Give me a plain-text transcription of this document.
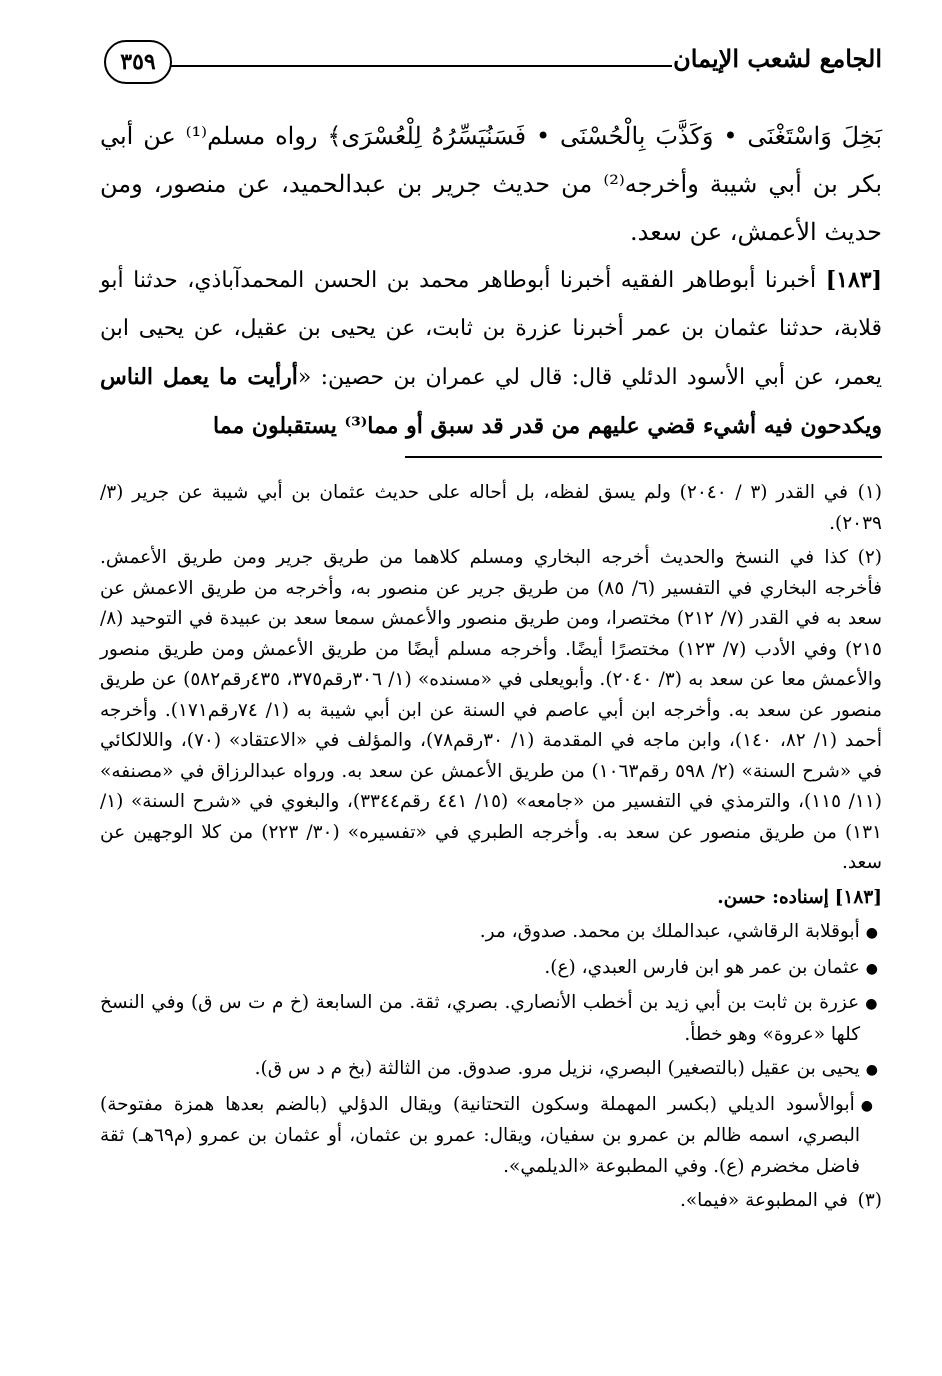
٣٥٩	الجامع لشعب الإيمان

بَخِلَ وَاسْتَغْنَى • وَكَذَّبَ بِالْحُسْنَى • فَسَنُيَسِّرُهُ لِلْعُسْرَى﴾ رواه مسلم⁽¹⁾ عن أبي بكر بن أبي شيبة وأخرجه⁽²⁾ من حديث جرير بن عبدالحميد، عن منصور، ومن حديث الأعمش، عن سعد.

[١٨٣] أخبرنا أبوطاهر الفقيه أخبرنا أبوطاهر محمد بن الحسن المحمدآباذي، حدثنا أبو قلابة، حدثنا عثمان بن عمر أخبرنا عزرة بن ثابت، عن يحيى بن عقيل، عن يحيى ابن يعمر، عن أبي الأسود الدئلي قال: قال لي عمران بن حصين: «أرأيت ما يعمل الناس ويكدحون فيه أشيء قضي عليهم من قدر قد سبق أو مما⁽³⁾ يستقبلون مما

(١)في القدر (٣ / ٢٠٤٠) ولم يسق لفظه، بل أحاله على حديث عثمان بن أبي شيبة عن جرير (٣/ ٢٠٣٩).
(٢)كذا في النسخ والحديث أخرجه البخاري ومسلم كلاهما من طريق جرير ومن طريق الأعمش. فأخرجه البخاري في التفسير (٦/ ٨٥) من طريق جرير عن منصور به، وأخرجه من طريق الاعمش عن سعد به في القدر (٧/ ٢١٢) مختصرا، ومن طريق منصور والأعمش سمعا سعد بن عبيدة في التوحيد (٨/ ٢١٥) وفي الأدب (٧/ ١٢٣) مختصرًا أيضًا. وأخرجه مسلم أيضًا من طريق الأعمش ومن طريق منصور والأعمش معا عن سعد به (٣/ ٢٠٤٠). وأبويعلى في «مسنده» (١/ ٣٠٦رقم٣٧٥، ٤٣٥رقم٥٨٢) عن طريق منصور عن سعد به. وأخرجه ابن أبي عاصم في السنة عن ابن أبي شيبة به (١/ ٧٤رقم١٧١). وأخرجه أحمد (١/ ٨٢، ١٤٠)، وابن ماجه في المقدمة (١/ ٣٠رقم٧٨)، والمؤلف في «الاعتقاد» (٧٠)، واللالكائي في «شرح السنة» (٢/ ٥٩٨ رقم١٠٦٣) من طريق الأعمش عن سعد به. ورواه عبدالرزاق في «مصنفه» (١١/ ١١٥)، والترمذي في التفسير من «جامعه» (١٥/ ٤٤١ رقم٣٣٤٤)، والبغوي في «شرح السنة» (١/ ١٣١) من طريق منصور عن سعد به. وأخرجه الطبري في «تفسيره» (٣٠/ ٢٢٣) من كلا الوجهين عن سعد.
[١٨٣] إسناده: حسن.
●أبوقلابة الرقاشي، عبدالملك بن محمد. صدوق، مر.
●عثمان بن عمر هو ابن فارس العبدي، (ع).
●عزرة بن ثابت بن أبي زيد بن أخطب الأنصاري. بصري، ثقة. من السابعة (خ م ت س ق) وفي النسخ كلها «عروة» وهو خطأ.
●يحيى بن عقيل (بالتصغير) البصري، نزيل مرو. صدوق. من الثالثة (بخ م د س ق).
●أبوالأسود الديلي (بكسر المهملة وسكون التحتانية) ويقال الدؤلي (بالضم بعدها همزة مفتوحة) البصري، اسمه ظالم بن عمرو بن سفيان، ويقال: عمرو بن عثمان، أو عثمان بن عمرو (م٦٩هـ) ثقة فاضل مخضرم (ع). وفي المطبوعة «الديلمي».
(٣)في المطبوعة «فيما».
